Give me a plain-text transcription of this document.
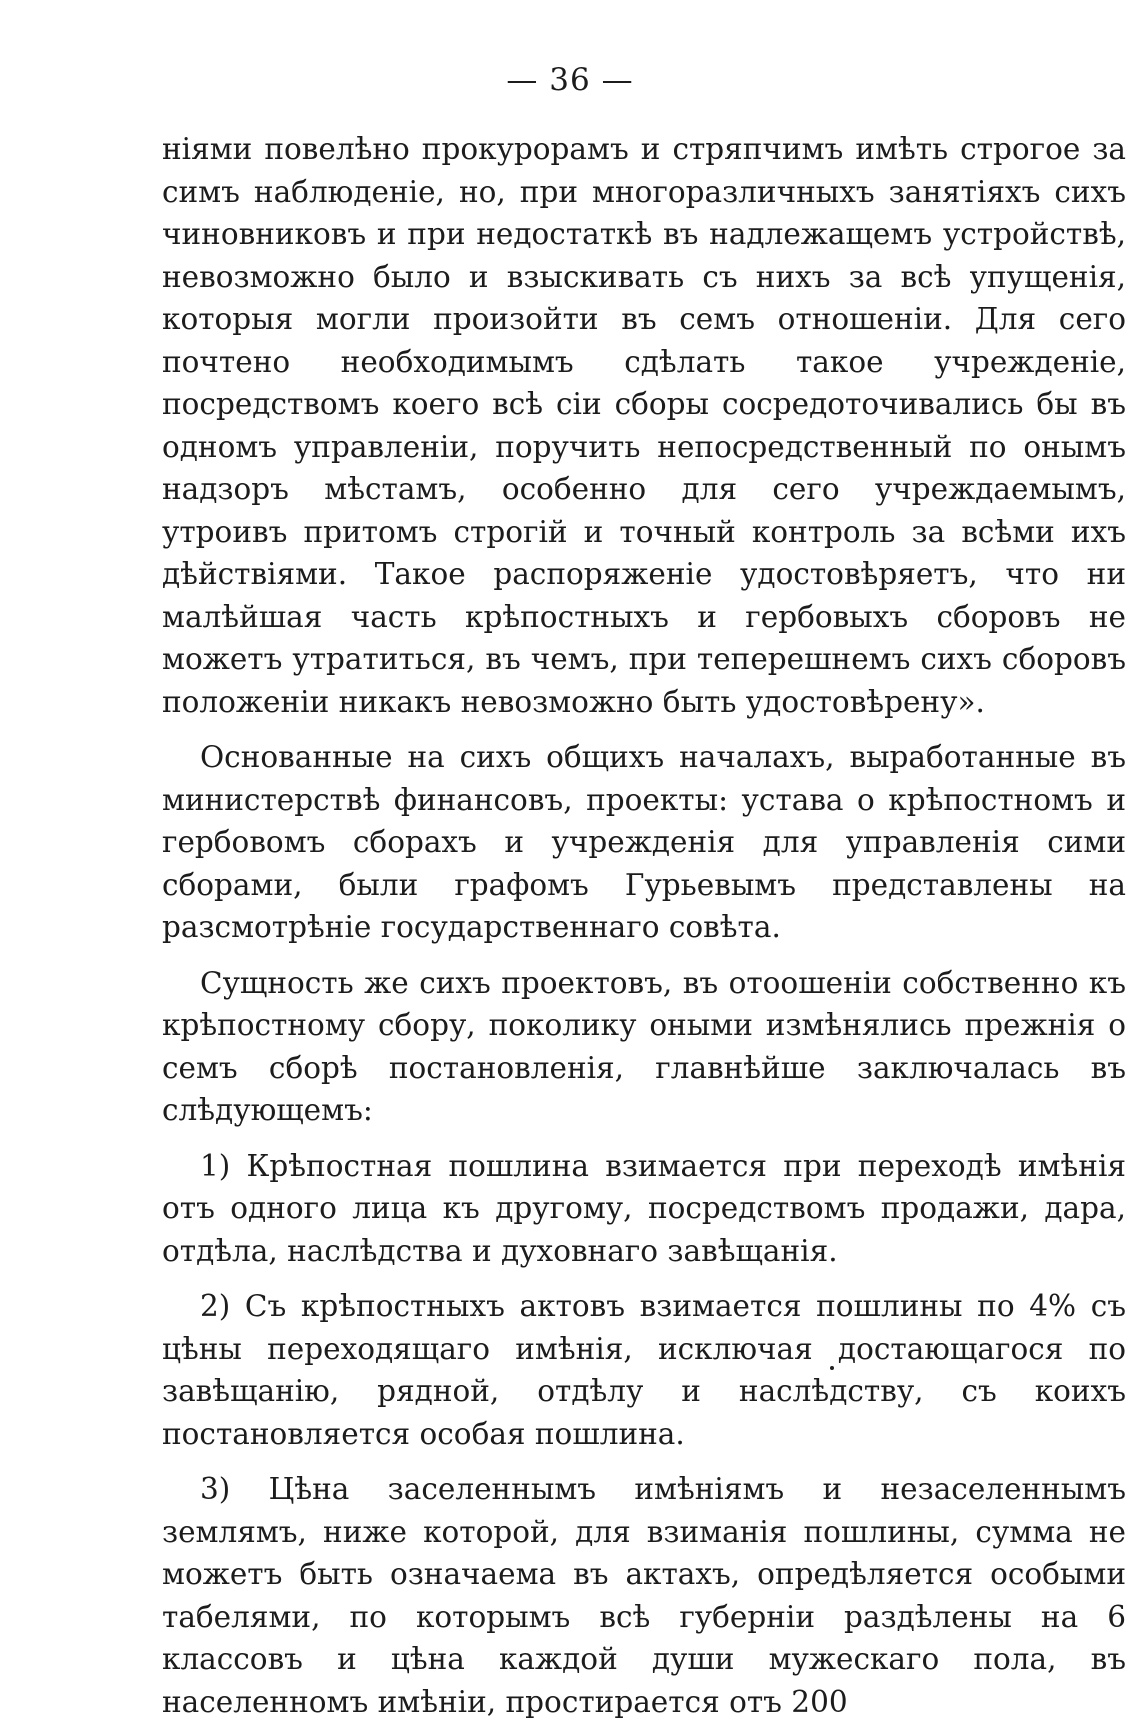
— 36 —

ніями повелѣно прокурорамъ и стряпчимъ имѣть строгое за симъ наблюденіе, но, при многоразличныхъ занятіяхъ сихъ чиновниковъ и при недостаткѣ въ надлежащемъ устройствѣ, невозможно было и взыскивать съ нихъ за всѣ упущенія, которыя могли произойти въ семъ отношеніи. Для сего почтено необходимымъ сдѣлать такое учрежденіе, посредствомъ коего всѣ сіи сборы сосредоточивались бы въ одномъ управленіи, поручить непосредственный по онымъ надзоръ мѣстамъ, особенно для сего учреждаемымъ, утроивъ притомъ строгій и точный контроль за всѣми ихъ дѣйствіями. Такое распоряженіе удостовѣряетъ, что ни малѣйшая часть крѣпостныхъ и гербовыхъ сборовъ не можетъ утратиться, въ чемъ, при теперешнемъ сихъ сборовъ положеніи никакъ невозможно быть удостовѣрену».

Основанные на сихъ общихъ началахъ, выработанные въ министерствѣ финансовъ, проекты: устава о крѣпостномъ и гербовомъ сборахъ и учрежденія для управленія сими сборами, были графомъ Гурьевымъ представлены на разсмотрѣніе государственнаго совѣта.

Сущность же сихъ проектовъ, въ отоошеніи собственно къ крѣпостному сбору, поколику оными измѣнялись прежнія о семъ сборѣ постановленія, главнѣйше заключалась въ слѣдующемъ:

1) Крѣпостная пошлина взимается при переходѣ имѣнія отъ одного лица къ другому, посредствомъ продажи, дара, отдѣла, наслѣдства и духовнаго завѣщанія.

2) Съ крѣпостныхъ актовъ взимается пошлины по 4% съ цѣны переходящаго имѣнія, исключая достающагося по завѣщанію, рядной, отдѣлу и наслѣдству, съ коихъ постановляется особая пошлина.

3) Цѣна заселеннымъ имѣніямъ и незаселеннымъ землямъ, ниже которой, для взиманія пошлины, сумма не можетъ быть означаема въ актахъ, опредѣляется особыми табелями, по которымъ всѣ губерніи раздѣлены на 6 классовъ и цѣна каждой души мужескаго пола, въ населенномъ имѣніи, простирается отъ 200
